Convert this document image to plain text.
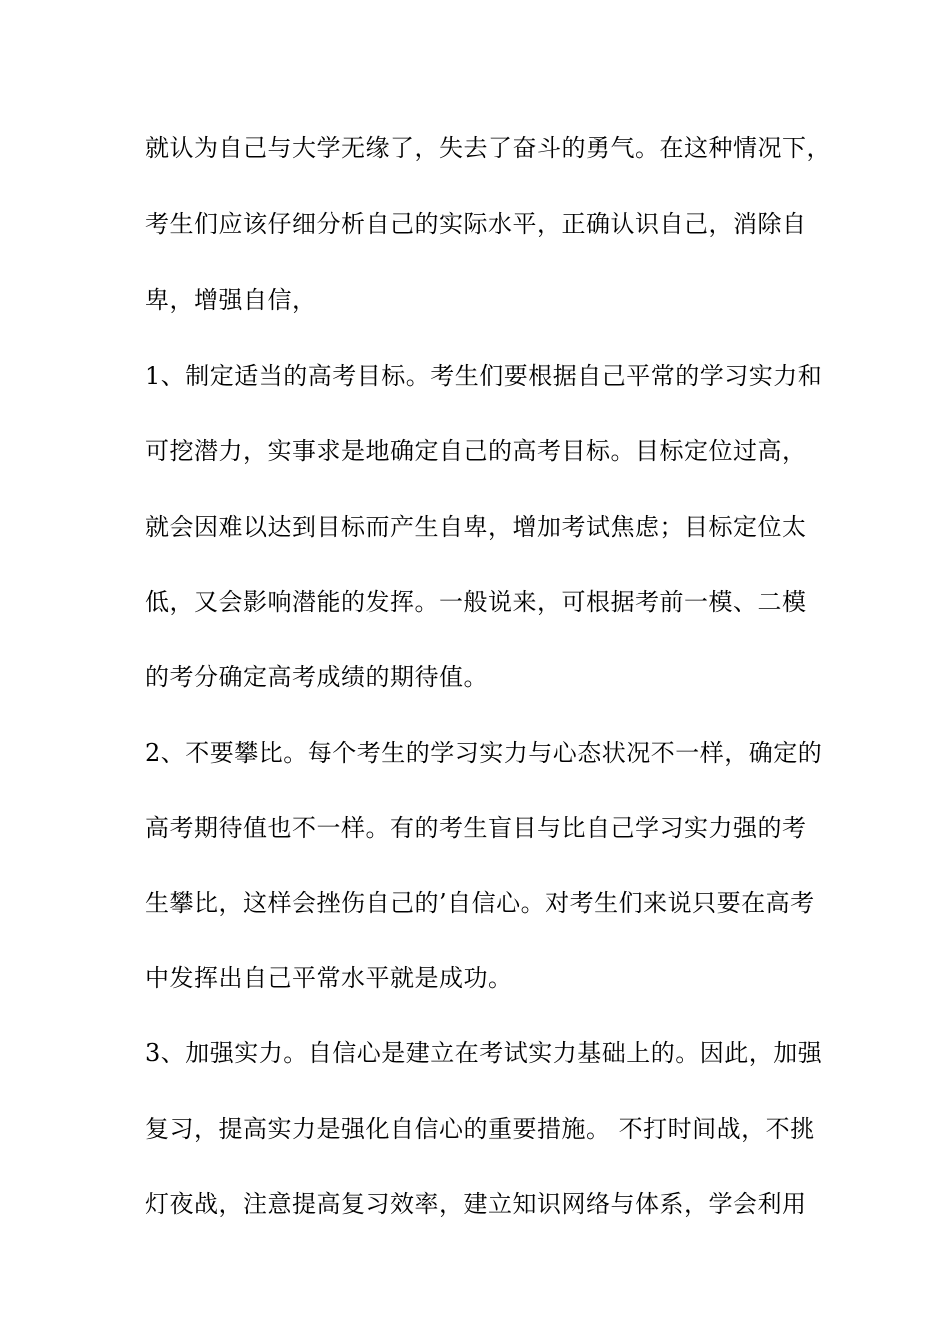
就认为自己与大学无缘了，失去了奋斗的勇气。在这种情况下，
考生们应该仔细分析自己的实际水平，正确认识自己，消除自
卑，增强自信，
1、制定适当的高考目标。考生们要根据自己平常的学习实力和
可挖潜力，实事求是地确定自己的高考目标。目标定位过高，
就会因难以达到目标而产生自卑，增加考试焦虑；目标定位太
低，又会影响潜能的发挥。一般说来，可根据考前一模、二模
的考分确定高考成绩的期待值。
2、不要攀比。每个考生的学习实力与心态状况不一样，确定的
高考期待值也不一样。有的考生盲目与比自己学习实力强的考
生攀比，这样会挫伤自己的’自信心。对考生们来说只要在高考
中发挥出自己平常水平就是成功。
3、加强实力。自信心是建立在考试实力基础上的。因此，加强
复习，提高实力是强化自信心的重要措施。 不打时间战，不挑
灯夜战，注意提高复习效率，建立知识网络与体系，学会利用
